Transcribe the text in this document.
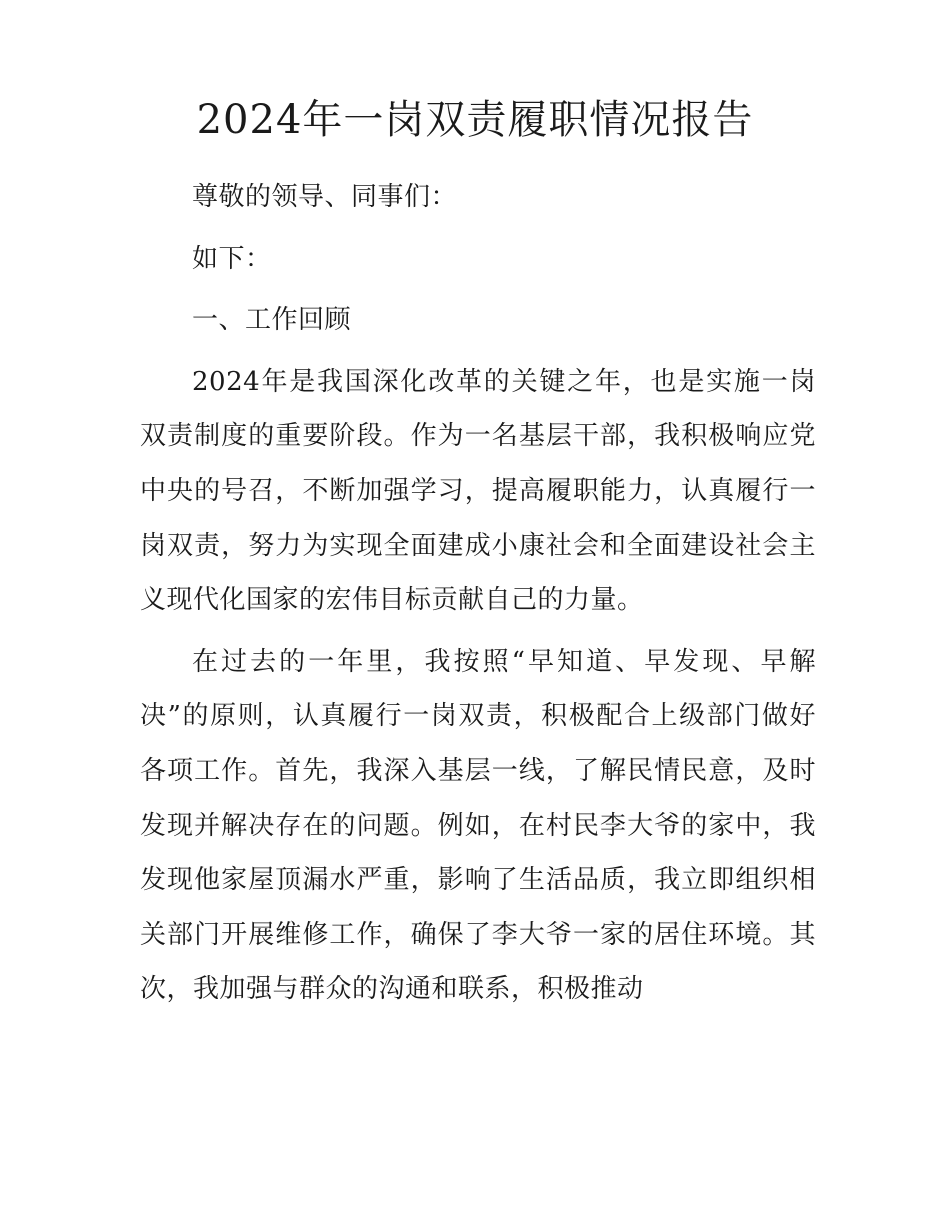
2024年一岗双责履职情况报告

尊敬的领导、同事们：

如下：

一、工作回顾

2024年是我国深化改革的关键之年，也是实施一岗双责制度的重要阶段。作为一名基层干部，我积极响应党中央的号召，不断加强学习，提高履职能力，认真履行一岗双责，努力为实现全面建成小康社会和全面建设社会主义现代化国家的宏伟目标贡献自己的力量。

在过去的一年里，我按照“早知道、早发现、早解决”的原则，认真履行一岗双责，积极配合上级部门做好各项工作。首先，我深入基层一线，了解民情民意，及时发现并解决存在的问题。例如，在村民李大爷的家中，我发现他家屋顶漏水严重，影响了生活品质，我立即组织相关部门开展维修工作，确保了李大爷一家的居住环境。其次，我加强与群众的沟通和联系，积极推动
